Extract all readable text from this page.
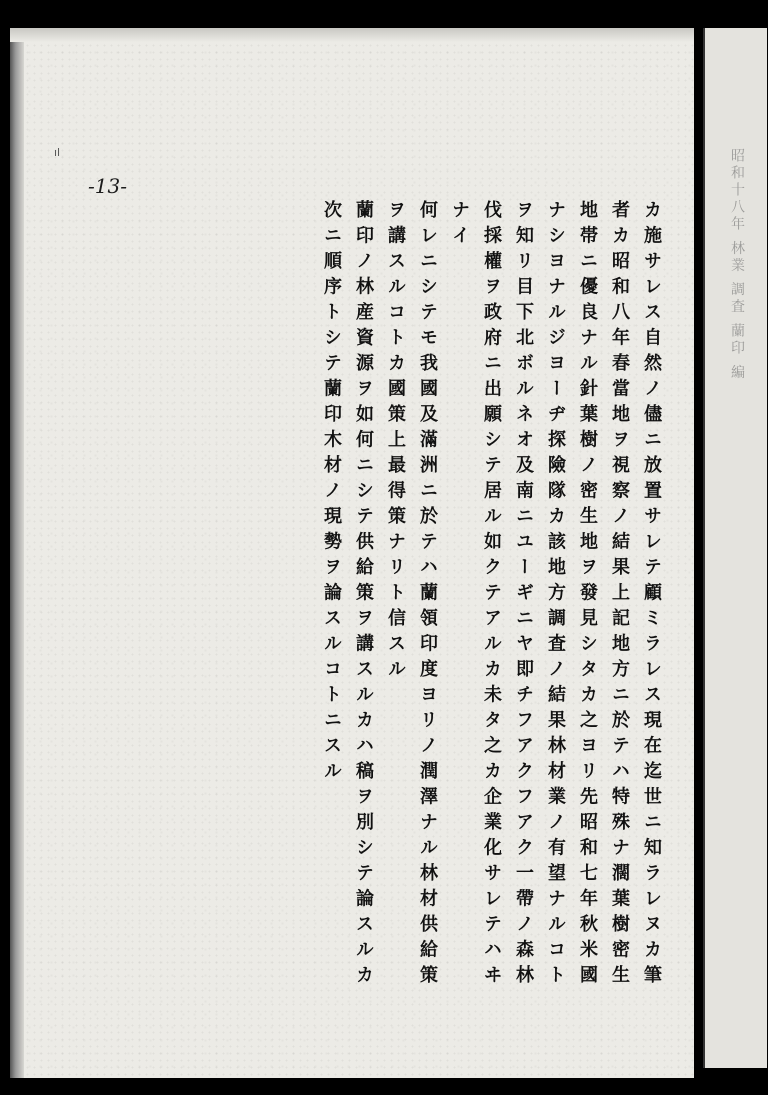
ıl
-13-
カ施サレス自然ノ儘ニ放置サレテ顧ミラレス現在迄世ニ知ラレヌカ筆
者カ昭和八年春當地ヲ視察ノ結果上記地方ニ於テハ特殊ナ濶葉樹密生
地帯ニ優良ナル針葉樹ノ密生地ヲ發見シタカ之ヨリ先昭和七年秋米國
ナシヨナルジヨーヂ探險隊カ該地方調査ノ結果林材業ノ有望ナルコト
ヲ知リ目下北ボルネオ及南ニユーギニヤ即チフアクフアク一帶ノ森林
伐採權ヲ政府ニ出願シテ居ル如クテアルカ未タ之カ企業化サレテハヰ
ナイ
何レニシテモ我國及滿洲ニ於テハ蘭領印度ヨリノ潤澤ナル林材供給策
ヲ講スルコトカ國策上最得策ナリト信スル
蘭印ノ林産資源ヲ如何ニシテ供給策ヲ講スルカハ稿ヲ別シテ論スルカ
次ニ順序トシテ蘭印木材ノ現勢ヲ論スルコトニスル	昭和十八年 林業 調査 蘭印 編
